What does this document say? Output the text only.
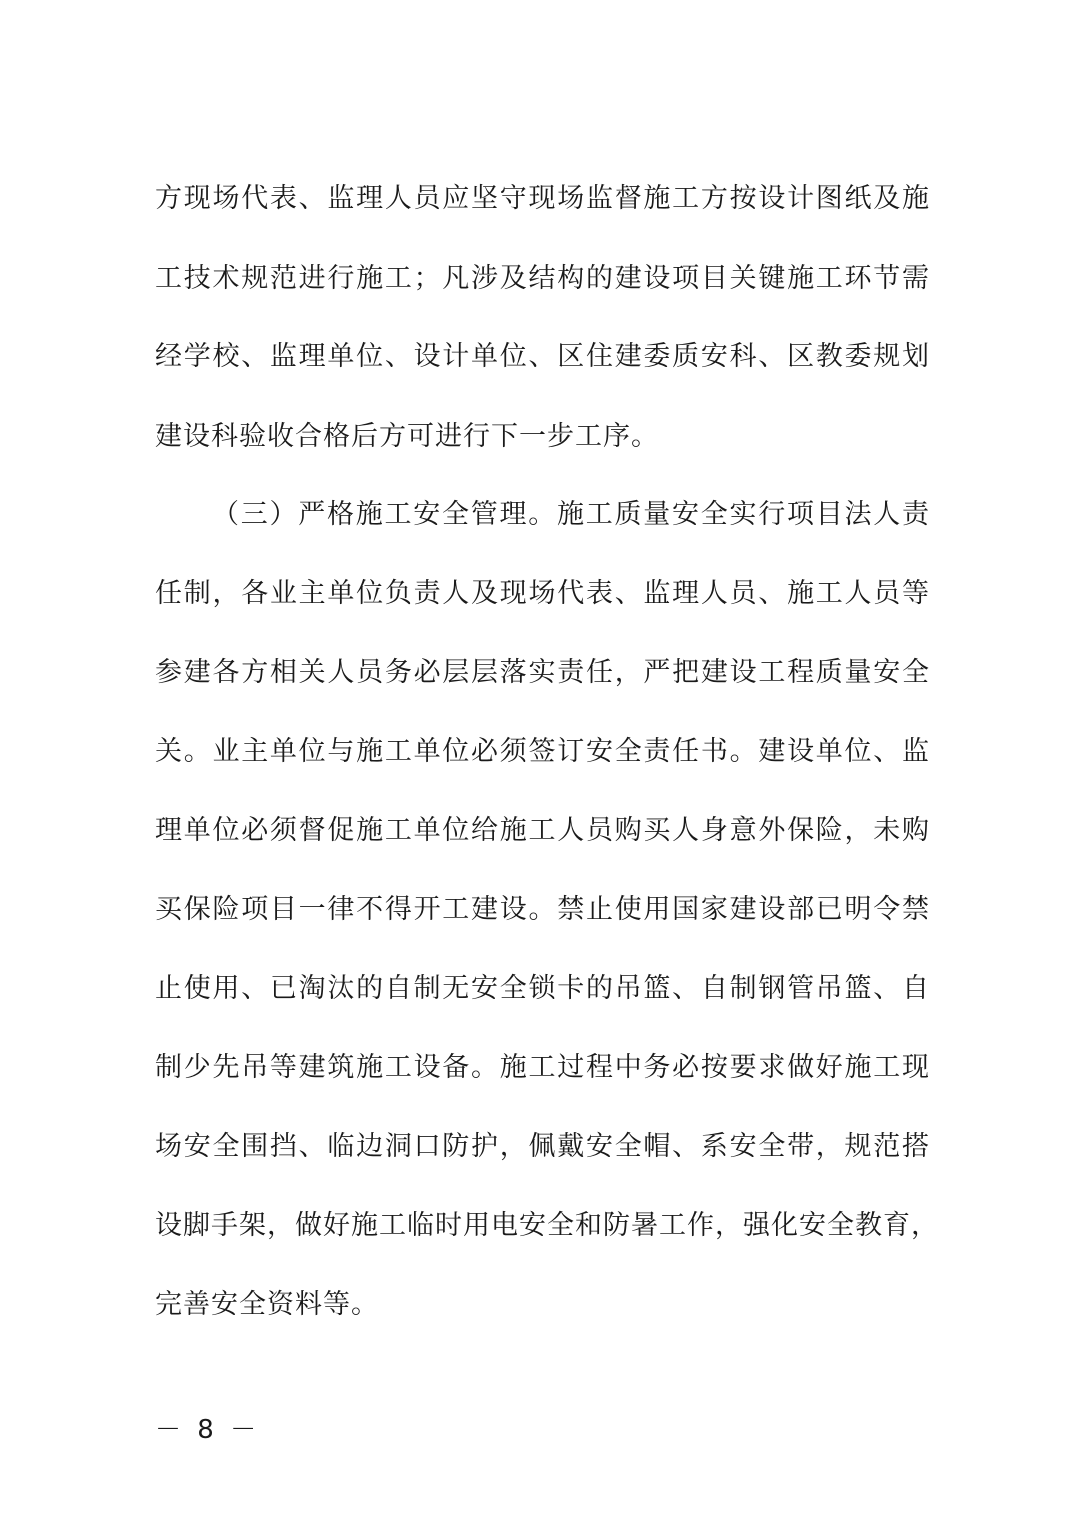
方现场代表、监理人员应坚守现场监督施工方按设计图纸及施
工技术规范进行施工；凡涉及结构的建设项目关键施工环节需
经学校、监理单位、设计单位、区住建委质安科、区教委规划
建设科验收合格后方可进行下一步工序。
（三）严格施工安全管理。施工质量安全实行项目法人责
任制，各业主单位负责人及现场代表、监理人员、施工人员等
参建各方相关人员务必层层落实责任，严把建设工程质量安全
关。业主单位与施工单位必须签订安全责任书。建设单位、监
理单位必须督促施工单位给施工人员购买人身意外保险，未购
买保险项目一律不得开工建设。禁止使用国家建设部已明令禁
止使用、已淘汰的自制无安全锁卡的吊篮、自制钢管吊篮、自
制少先吊等建筑施工设备。施工过程中务必按要求做好施工现
场安全围挡、临边洞口防护，佩戴安全帽、系安全带，规范搭
设脚手架，做好施工临时用电安全和防暑工作，强化安全教育，
完善安全资料等。
－ 8 －
